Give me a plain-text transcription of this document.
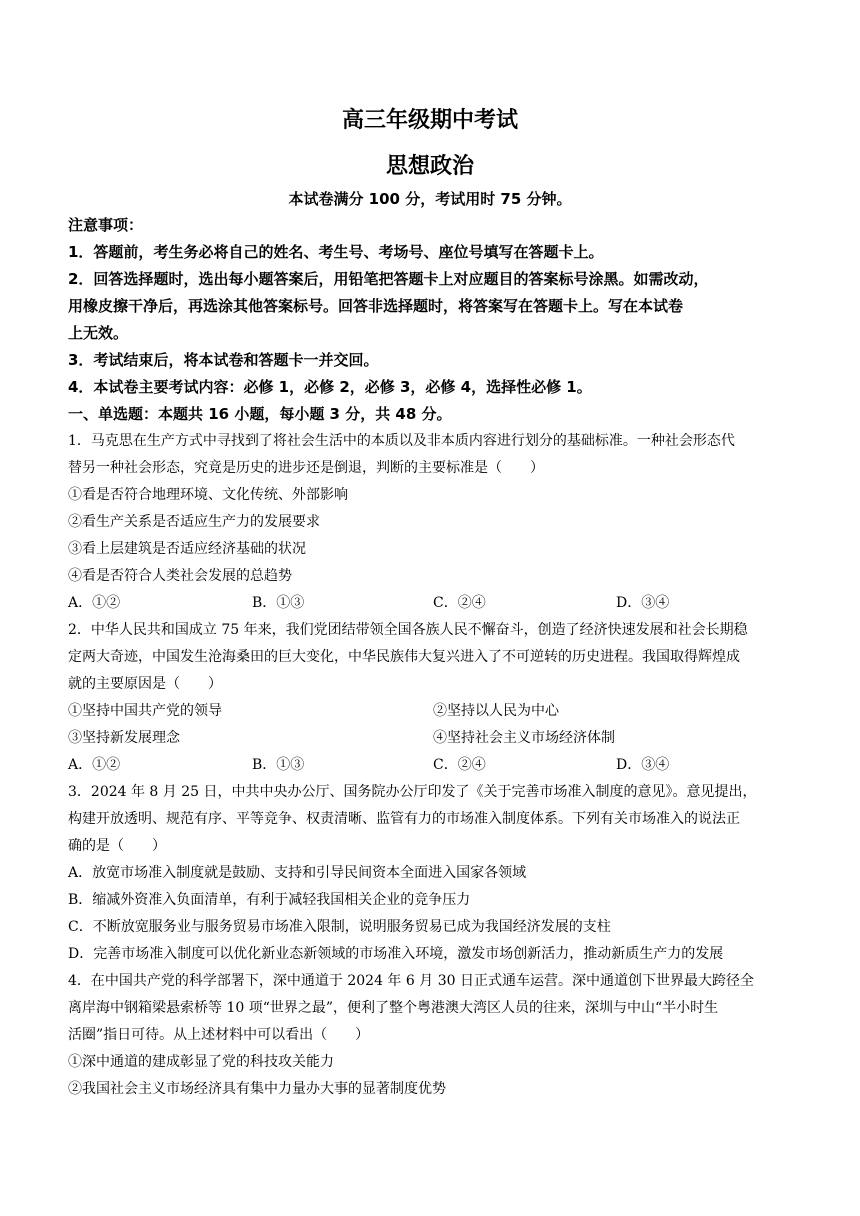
高三年级期中考试
思想政治
本试卷满分 100 分，考试用时 75 分钟。
注意事项：
1．答题前，考生务必将自己的姓名、考生号、考场号、座位号填写在答题卡上。
2．回答选择题时，选出每小题答案后，用铅笔把答题卡上对应题目的答案标号涂黑。如需改动，
用橡皮擦干净后，再选涂其他答案标号。回答非选择题时，将答案写在答题卡上。写在本试卷
上无效。
3．考试结束后，将本试卷和答题卡一并交回。
4．本试卷主要考试内容：必修 1，必修 2，必修 3，必修 4，选择性必修 1。
一、单选题：本题共 16 小题，每小题 3 分，共 48 分。
1．马克思在生产方式中寻找到了将社会生活中的本质以及非本质内容进行划分的基础标准。一种社会形态代
替另一种社会形态，究竟是历史的进步还是倒退，判断的主要标准是（　　）
①看是否符合地理环境、文化传统、外部影响
②看生产关系是否适应生产力的发展要求
③看上层建筑是否适应经济基础的状况
④看是否符合人类社会发展的总趋势
A．①②	B．①③	C．②④	D．③④
2．中华人民共和国成立 75 年来，我们党团结带领全国各族人民不懈奋斗，创造了经济快速发展和社会长期稳
定两大奇迹，中国发生沧海桑田的巨大变化，中华民族伟大复兴进入了不可逆转的历史进程。我国取得辉煌成
就的主要原因是（　　）
①坚持中国共产党的领导	②坚持以人民为中心
③坚持新发展理念	④坚持社会主义市场经济体制
A．①②	B．①③	C．②④	D．③④
3．2024 年 8 月 25 日，中共中央办公厅、国务院办公厅印发了《关于完善市场准入制度的意见》。意见提出，
构建开放透明、规范有序、平等竞争、权责清晰、监管有力的市场准入制度体系。下列有关市场准入的说法正
确的是（　　）
A．放宽市场准入制度就是鼓励、支持和引导民间资本全面进入国家各领域
B．缩减外资准入负面清单，有利于减轻我国相关企业的竞争压力
C．不断放宽服务业与服务贸易市场准入限制，说明服务贸易已成为我国经济发展的支柱
D．完善市场准入制度可以优化新业态新领域的市场准入环境，激发市场创新活力，推动新质生产力的发展
4．在中国共产党的科学部署下，深中通道于 2024 年 6 月 30 日正式通车运营。深中通道创下世界最大跨径全
离岸海中钢箱梁悬索桥等 10 项“世界之最”，便利了整个粤港澳大湾区人员的往来，深圳与中山“半小时生
活圈”指日可待。从上述材料中可以看出（　　）
①深中通道的建成彰显了党的科技攻关能力
②我国社会主义市场经济具有集中力量办大事的显著制度优势
